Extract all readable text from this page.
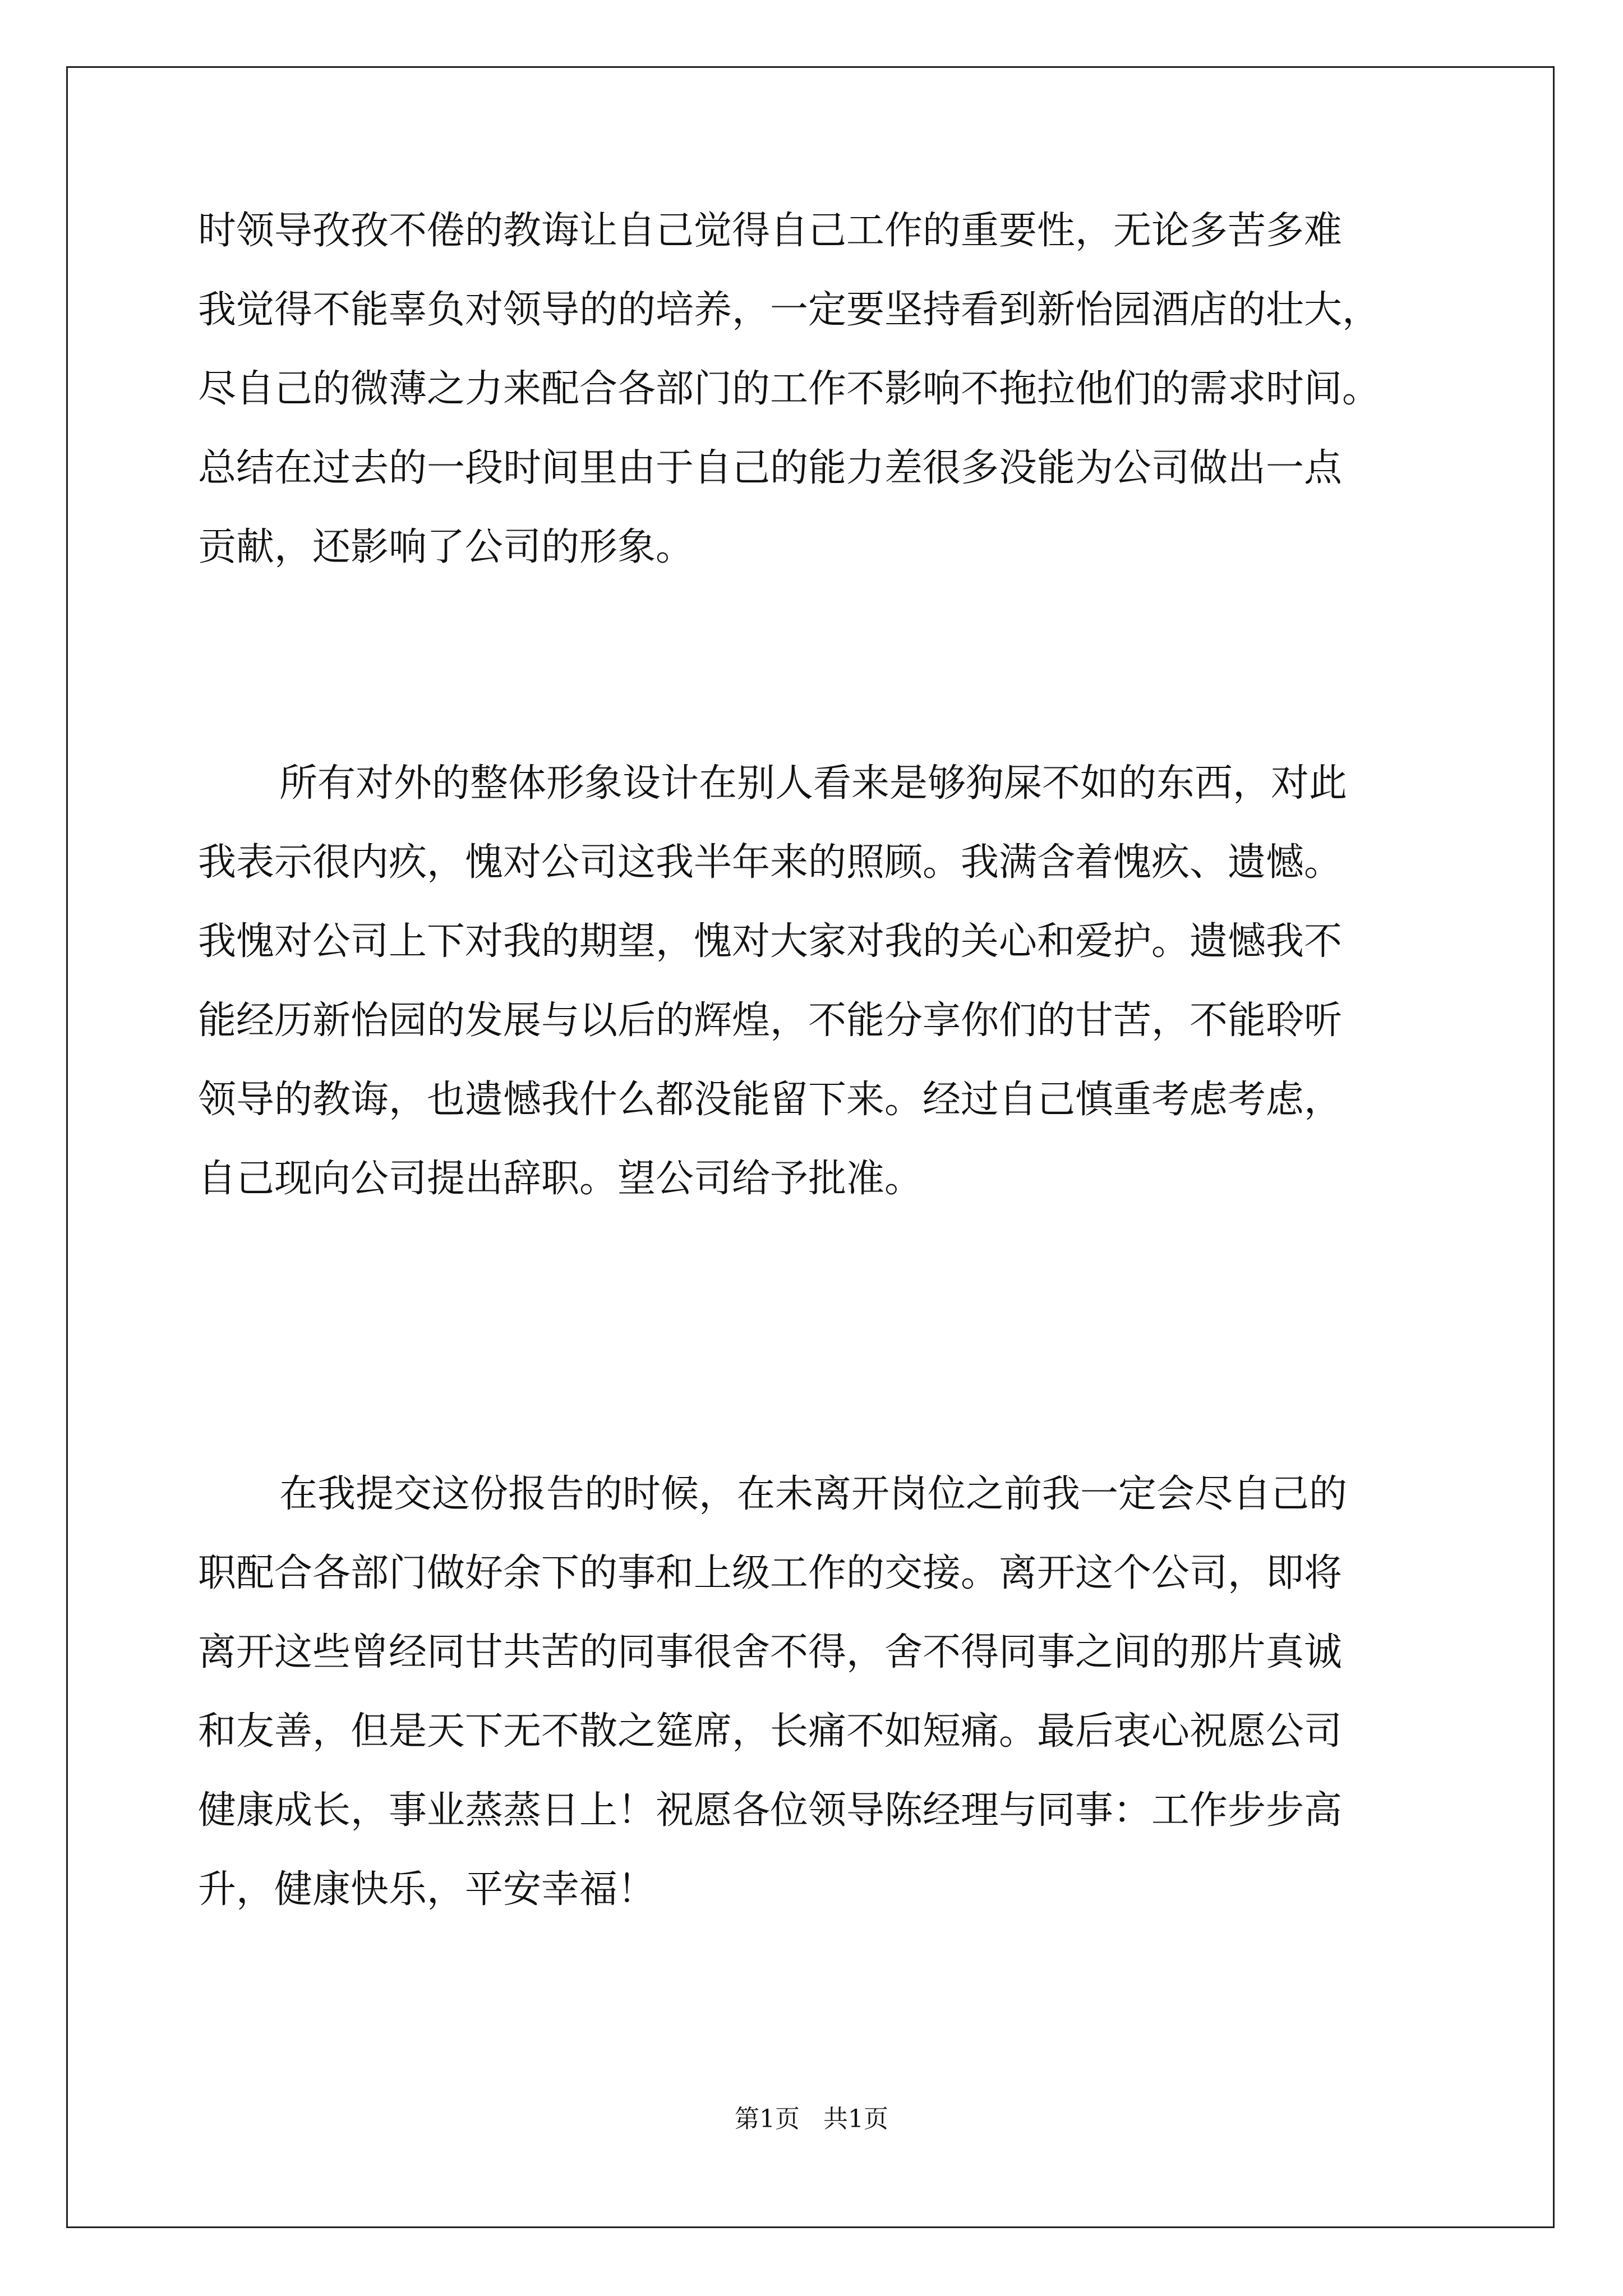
时领导孜孜不倦的教诲让自己觉得自己工作的重要性，无论多苦多难
我觉得不能辜负对领导的的培养，一定要坚持看到新怡园酒店的壮大，
尽自己的微薄之力来配合各部门的工作不影响不拖拉他们的需求时间。
总结在过去的一段时间里由于自己的能力差很多没能为公司做出一点
贡献，还影响了公司的形象。
所有对外的整体形象设计在别人看来是够狗屎不如的东西，对此
我表示很内疚，愧对公司这我半年来的照顾。我满含着愧疚、遗憾。
我愧对公司上下对我的期望，愧对大家对我的关心和爱护。遗憾我不
能经历新怡园的发展与以后的辉煌，不能分享你们的甘苦，不能聆听
领导的教诲，也遗憾我什么都没能留下来。经过自己慎重考虑考虑，
自己现向公司提出辞职。望公司给予批准。
在我提交这份报告的时候，在未离开岗位之前我一定会尽自己的
职配合各部门做好余下的事和上级工作的交接。离开这个公司，即将
离开这些曾经同甘共苦的同事很舍不得，舍不得同事之间的那片真诚
和友善，但是天下无不散之筵席，长痛不如短痛。最后衷心祝愿公司
健康成长，事业蒸蒸日上！祝愿各位领导陈经理与同事：工作步步高
升，健康快乐，平安幸福！
第1页   共1页
